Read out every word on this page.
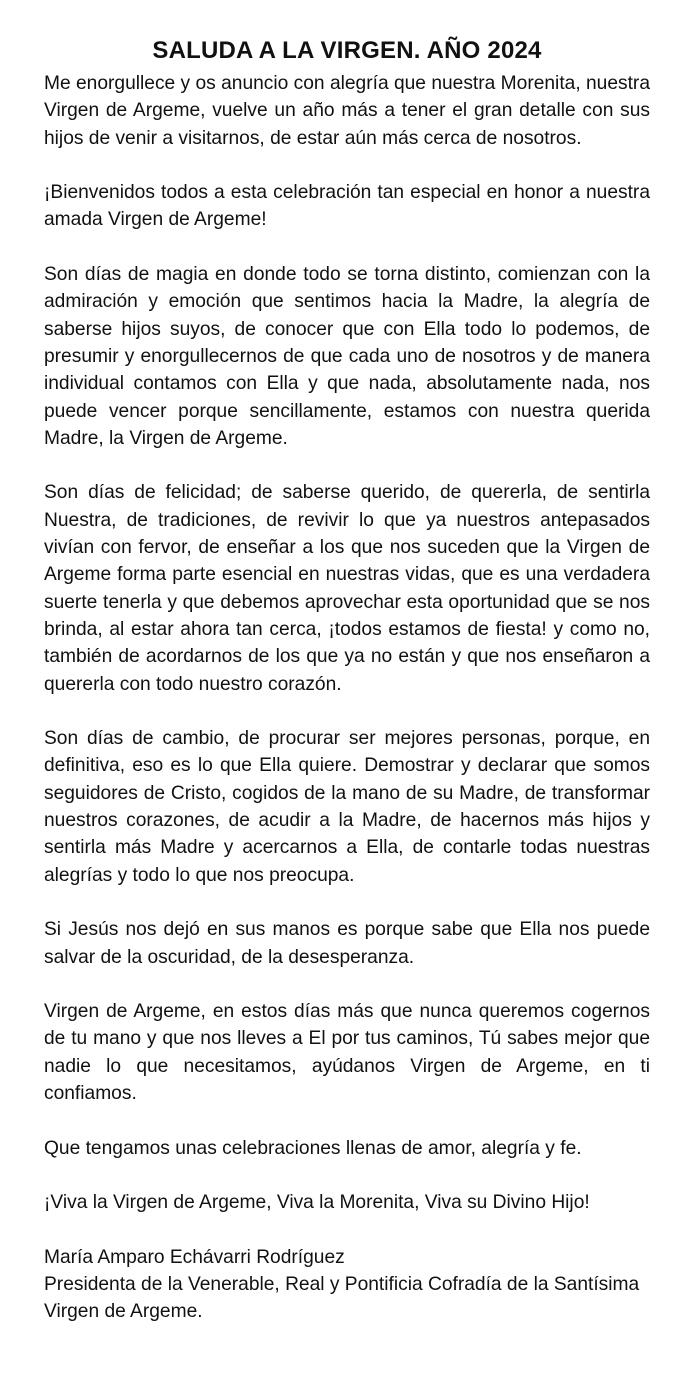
SALUDA A LA VIRGEN. AÑO 2024

Me enorgullece y os anuncio con alegría que nuestra Morenita, nuestra Virgen de Argeme, vuelve un año más a tener el gran detalle con sus hijos de venir a visitarnos, de estar aún más cerca de nosotros.

¡Bienvenidos todos a esta celebración tan especial en honor a nuestra amada Virgen de Argeme!

Son días de magia en donde todo se torna distinto, comienzan con la admiración y emoción que sentimos hacia la Madre, la alegría de saberse hijos suyos, de conocer que con Ella todo lo podemos, de presumir y enorgullecernos de que cada uno de nosotros y de manera individual contamos con Ella y que nada, absolutamente nada, nos puede vencer porque sencillamente, estamos con nuestra querida Madre, la Virgen de Argeme.

Son días de felicidad; de saberse querido, de quererla, de sentirla Nuestra, de tradiciones, de revivir lo que ya nuestros antepasados vivían con fervor, de enseñar a los que nos suceden que la Virgen de Argeme forma parte esencial en nuestras vidas, que es una verdadera suerte tenerla y que debemos aprovechar esta oportunidad que se nos brinda, al estar ahora tan cerca, ¡todos estamos de fiesta! y como no, también de acordarnos de los que ya no están y que nos enseñaron a quererla con todo nuestro corazón.

Son días de cambio, de procurar ser mejores personas, porque, en definitiva, eso es lo que Ella quiere. Demostrar y declarar que somos seguidores de Cristo, cogidos de la mano de su Madre, de transformar nuestros corazones, de acudir a la Madre, de hacernos más hijos y sentirla más Madre y acercarnos a Ella, de contarle todas nuestras alegrías y todo lo que nos preocupa.

Si Jesús nos dejó en sus manos es porque sabe que Ella nos puede salvar de la oscuridad, de la desesperanza.

Virgen de Argeme, en estos días más que nunca queremos cogernos de tu mano y que nos lleves a El por tus caminos, Tú sabes mejor que nadie lo que necesitamos, ayúdanos Virgen de Argeme, en ti confiamos.

Que tengamos unas celebraciones llenas de amor, alegría y fe.

¡Viva la Virgen de Argeme, Viva la Morenita, Viva su Divino Hijo!

María Amparo Echávarri Rodríguez
Presidenta de la Venerable, Real y Pontificia Cofradía de la Santísima Virgen de Argeme.
